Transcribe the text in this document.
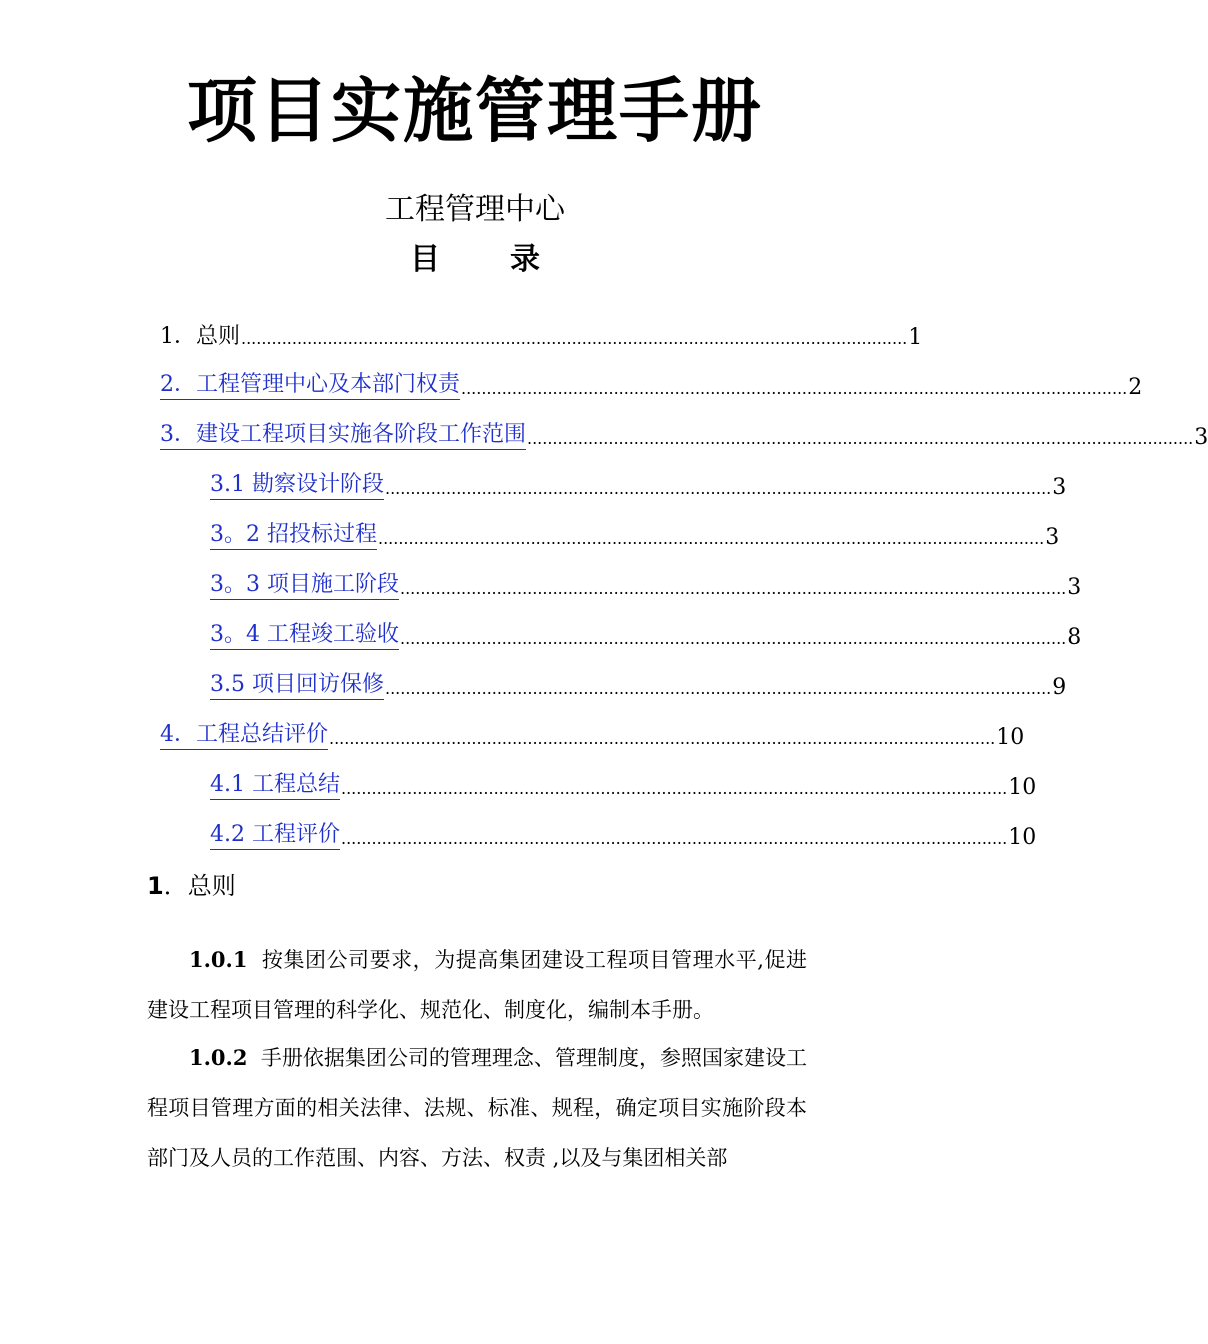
项目实施管理手册
工程管理中心
目 录
1．总则 ................................................................................................................................... 1
2．工程管理中心及本部门权责 ................................................................................................................................... 2
3．建设工程项目实施各阶段工作范围 ................................................................................................................................... 3
3.1 勘察设计阶段 ................................................................................................................................... 3
3。2 招投标过程 ................................................................................................................................... 3
3。3 项目施工阶段 ................................................................................................................................... 3
3。4 工程竣工验收 ................................................................................................................................... 8
3.5 项目回访保修 ................................................................................................................................... 9
4．工程总结评价 ................................................................................................................................... 10
4.1 工程总结 ................................................................................................................................... 10
4.2 工程评价 ................................................................................................................................... 10
1．总则
1.0.1 按集团公司要求，为提高集团建设工程项目管理水平,促进建设工程项目管理的科学化、规范化、制度化，编制本手册。
1.0.2 手册依据集团公司的管理理念、管理制度，参照国家建设工程项目管理方面的相关法律、法规、标准、规程，确定项目实施阶段本部门及人员的工作范围、内容、方法、权责 ,以及与集团相关部
